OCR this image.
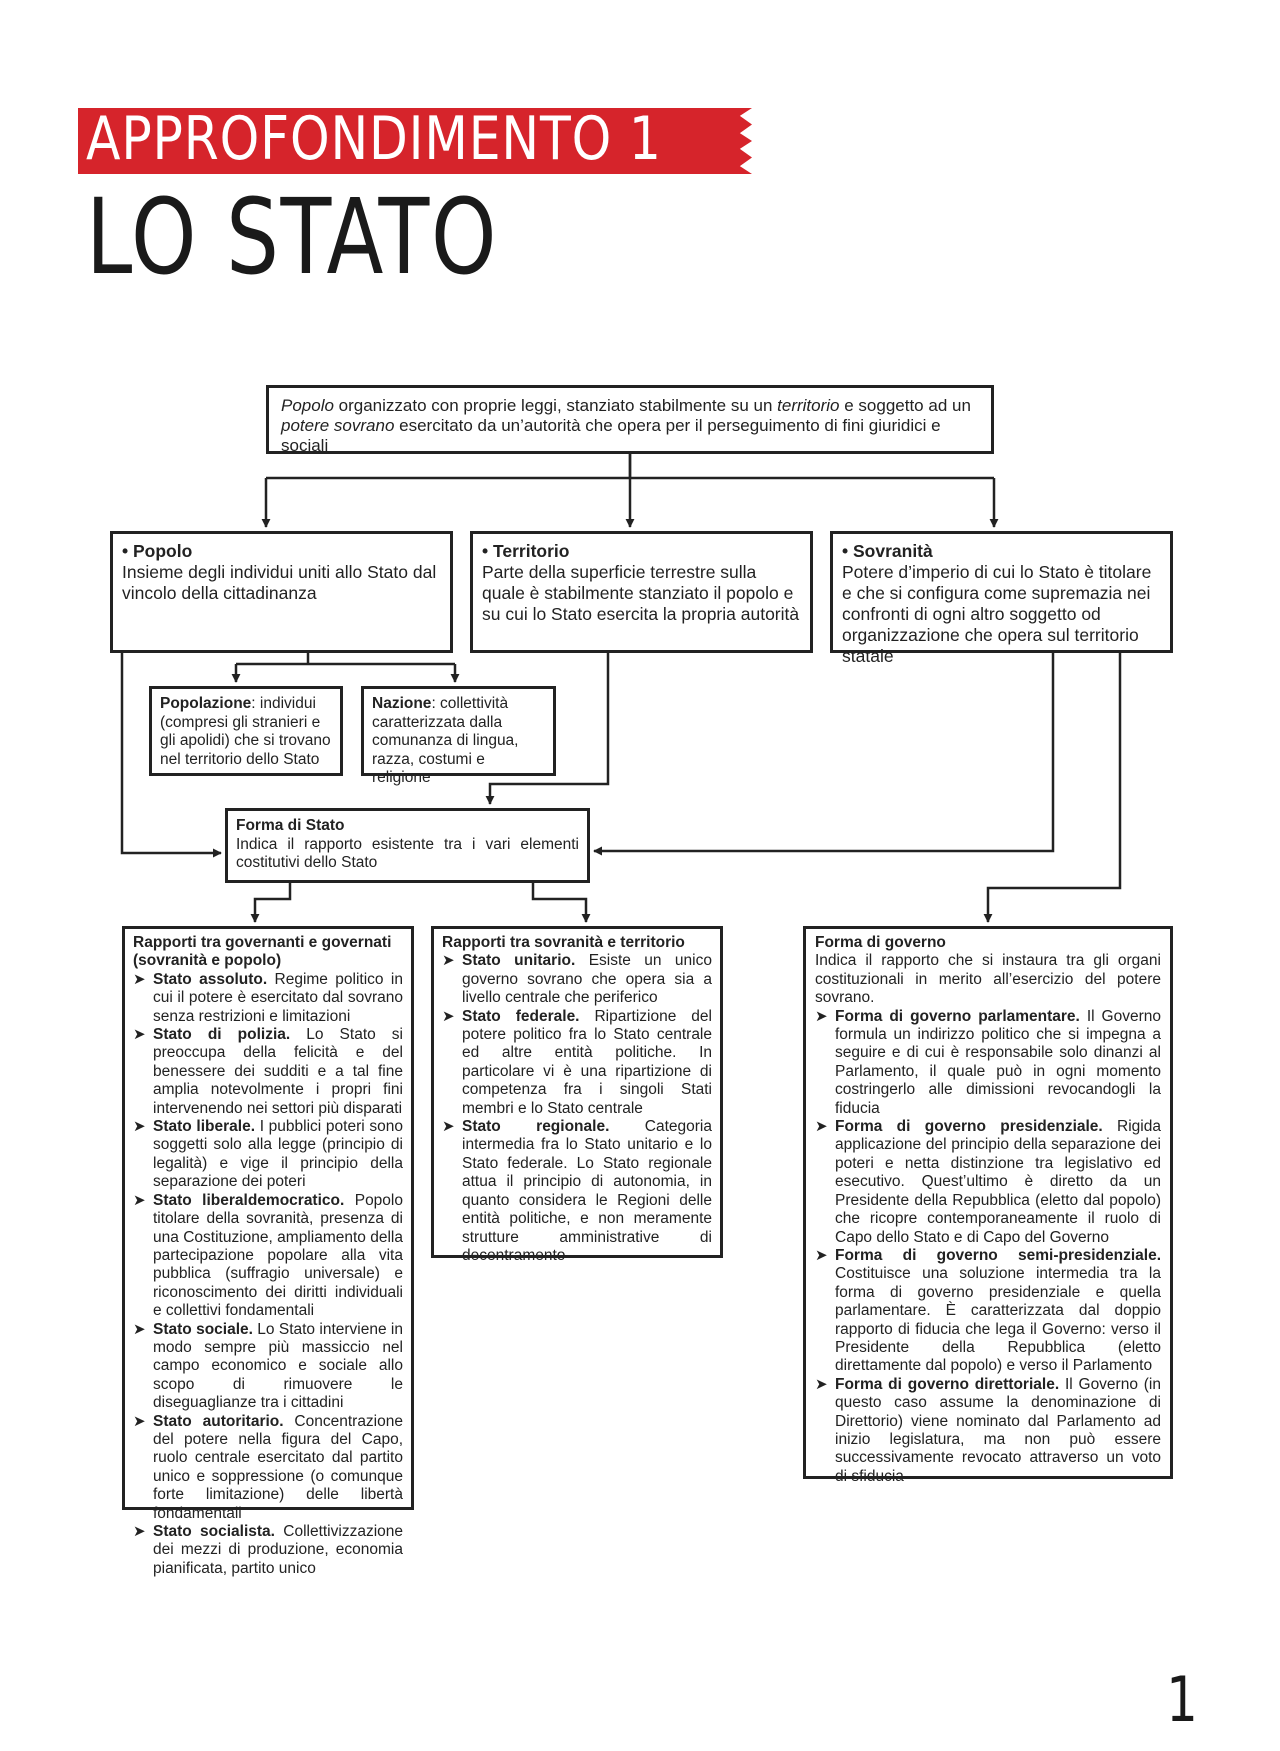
APPROFONDIMENTO 1
LO STATO
Popolo organizzato con proprie leggi, stanziato stabilmente su un territorio e soggetto ad un potere sovrano esercitato da un’autorità che opera per il perseguimento di fini giuridici e sociali
• Popolo
Insieme degli individui uniti allo Stato dal vincolo della cittadinanza
• Territorio
Parte della superficie terrestre sulla quale è stabilmente stanziato il popolo e su cui lo Stato esercita la propria autorità
• Sovranità
Potere d’imperio di cui lo Stato è titolare e che si configura come supremazia nei confronti di ogni altro soggetto od organizzazione che opera sul territorio statale
Popolazione: individui (compresi gli stranieri e gli apolidi) che si trovano nel territorio dello Stato
Nazione: collettività caratterizzata dalla comunanza di lingua, razza, costumi e religione
Forma di Stato
Indica il rapporto esistente tra i vari elementi costitutivi dello Stato
Rapporti tra governanti e governati (sovranità e popolo)
➤ Stato assoluto. Regime politico in cui il potere è esercitato dal sovrano senza restrizioni e limitazioni
➤ Stato di polizia. Lo Stato si preoccupa della felicità e del benessere dei sudditi e a tal fine amplia notevolmente i propri fini intervenendo nei settori più disparati
➤ Stato liberale. I pubblici poteri sono soggetti solo alla legge (principio di legalità) e vige il principio della separazione dei poteri
➤ Stato liberaldemocratico. Popolo titolare della sovranità, presenza di una Costituzione, ampliamento della partecipazione popolare alla vita pubblica (suffragio universale) e riconoscimento dei diritti individuali e collettivi fondamentali
➤ Stato sociale. Lo Stato interviene in modo sempre più massiccio nel campo economico e sociale allo scopo di rimuovere le diseguaglianze tra i cittadini
➤ Stato autoritario. Concentrazione del potere nella figura del Capo, ruolo centrale esercitato dal partito unico e soppressione (o comunque forte limitazione) delle libertà fondamentali
➤ Stato socialista. Collettivizzazione dei mezzi di produzione, economia pianificata, partito unico
Rapporti tra sovranità e territorio
➤ Stato unitario. Esiste un unico governo sovrano che opera sia a livello centrale che periferico
➤ Stato federale. Ripartizione del potere politico fra lo Stato centrale ed altre entità politiche. In particolare vi è una ripartizione di competenza fra i singoli Stati membri e lo Stato centrale
➤ Stato regionale. Categoria intermedia fra lo Stato unitario e lo Stato federale. Lo Stato regionale attua il principio di autonomia, in quanto considera le Regioni delle entità politiche, e non meramente strutture amministrative di decentramento
Forma di governo
Indica il rapporto che si instaura tra gli organi costituzionali in merito all’esercizio del potere sovrano.
➤ Forma di governo parlamentare. Il Governo formula un indirizzo politico che si impegna a seguire e di cui è responsabile solo dinanzi al Parlamento, il quale può in ogni momento costringerlo alle dimissioni revocandogli la fiducia
➤ Forma di governo presidenziale. Rigida applicazione del principio della separazione dei poteri e netta distinzione tra legislativo ed esecutivo. Quest’ultimo è diretto da un Presidente della Repubblica (eletto dal popolo) che ricopre contemporaneamente il ruolo di Capo dello Stato e di Capo del Governo
➤ Forma di governo semi-presidenziale. Costituisce una soluzione intermedia tra la forma di governo presidenziale e quella parlamentare. È caratterizzata dal doppio rapporto di fiducia che lega il Governo: verso il Presidente della Repubblica (eletto direttamente dal popolo) e verso il Parlamento
➤ Forma di governo direttoriale. Il Governo (in questo caso assume la denominazione di Direttorio) viene nominato dal Parlamento ad inizio legislatura, ma non può essere successivamente revocato attraverso un voto di sfiducia
1
